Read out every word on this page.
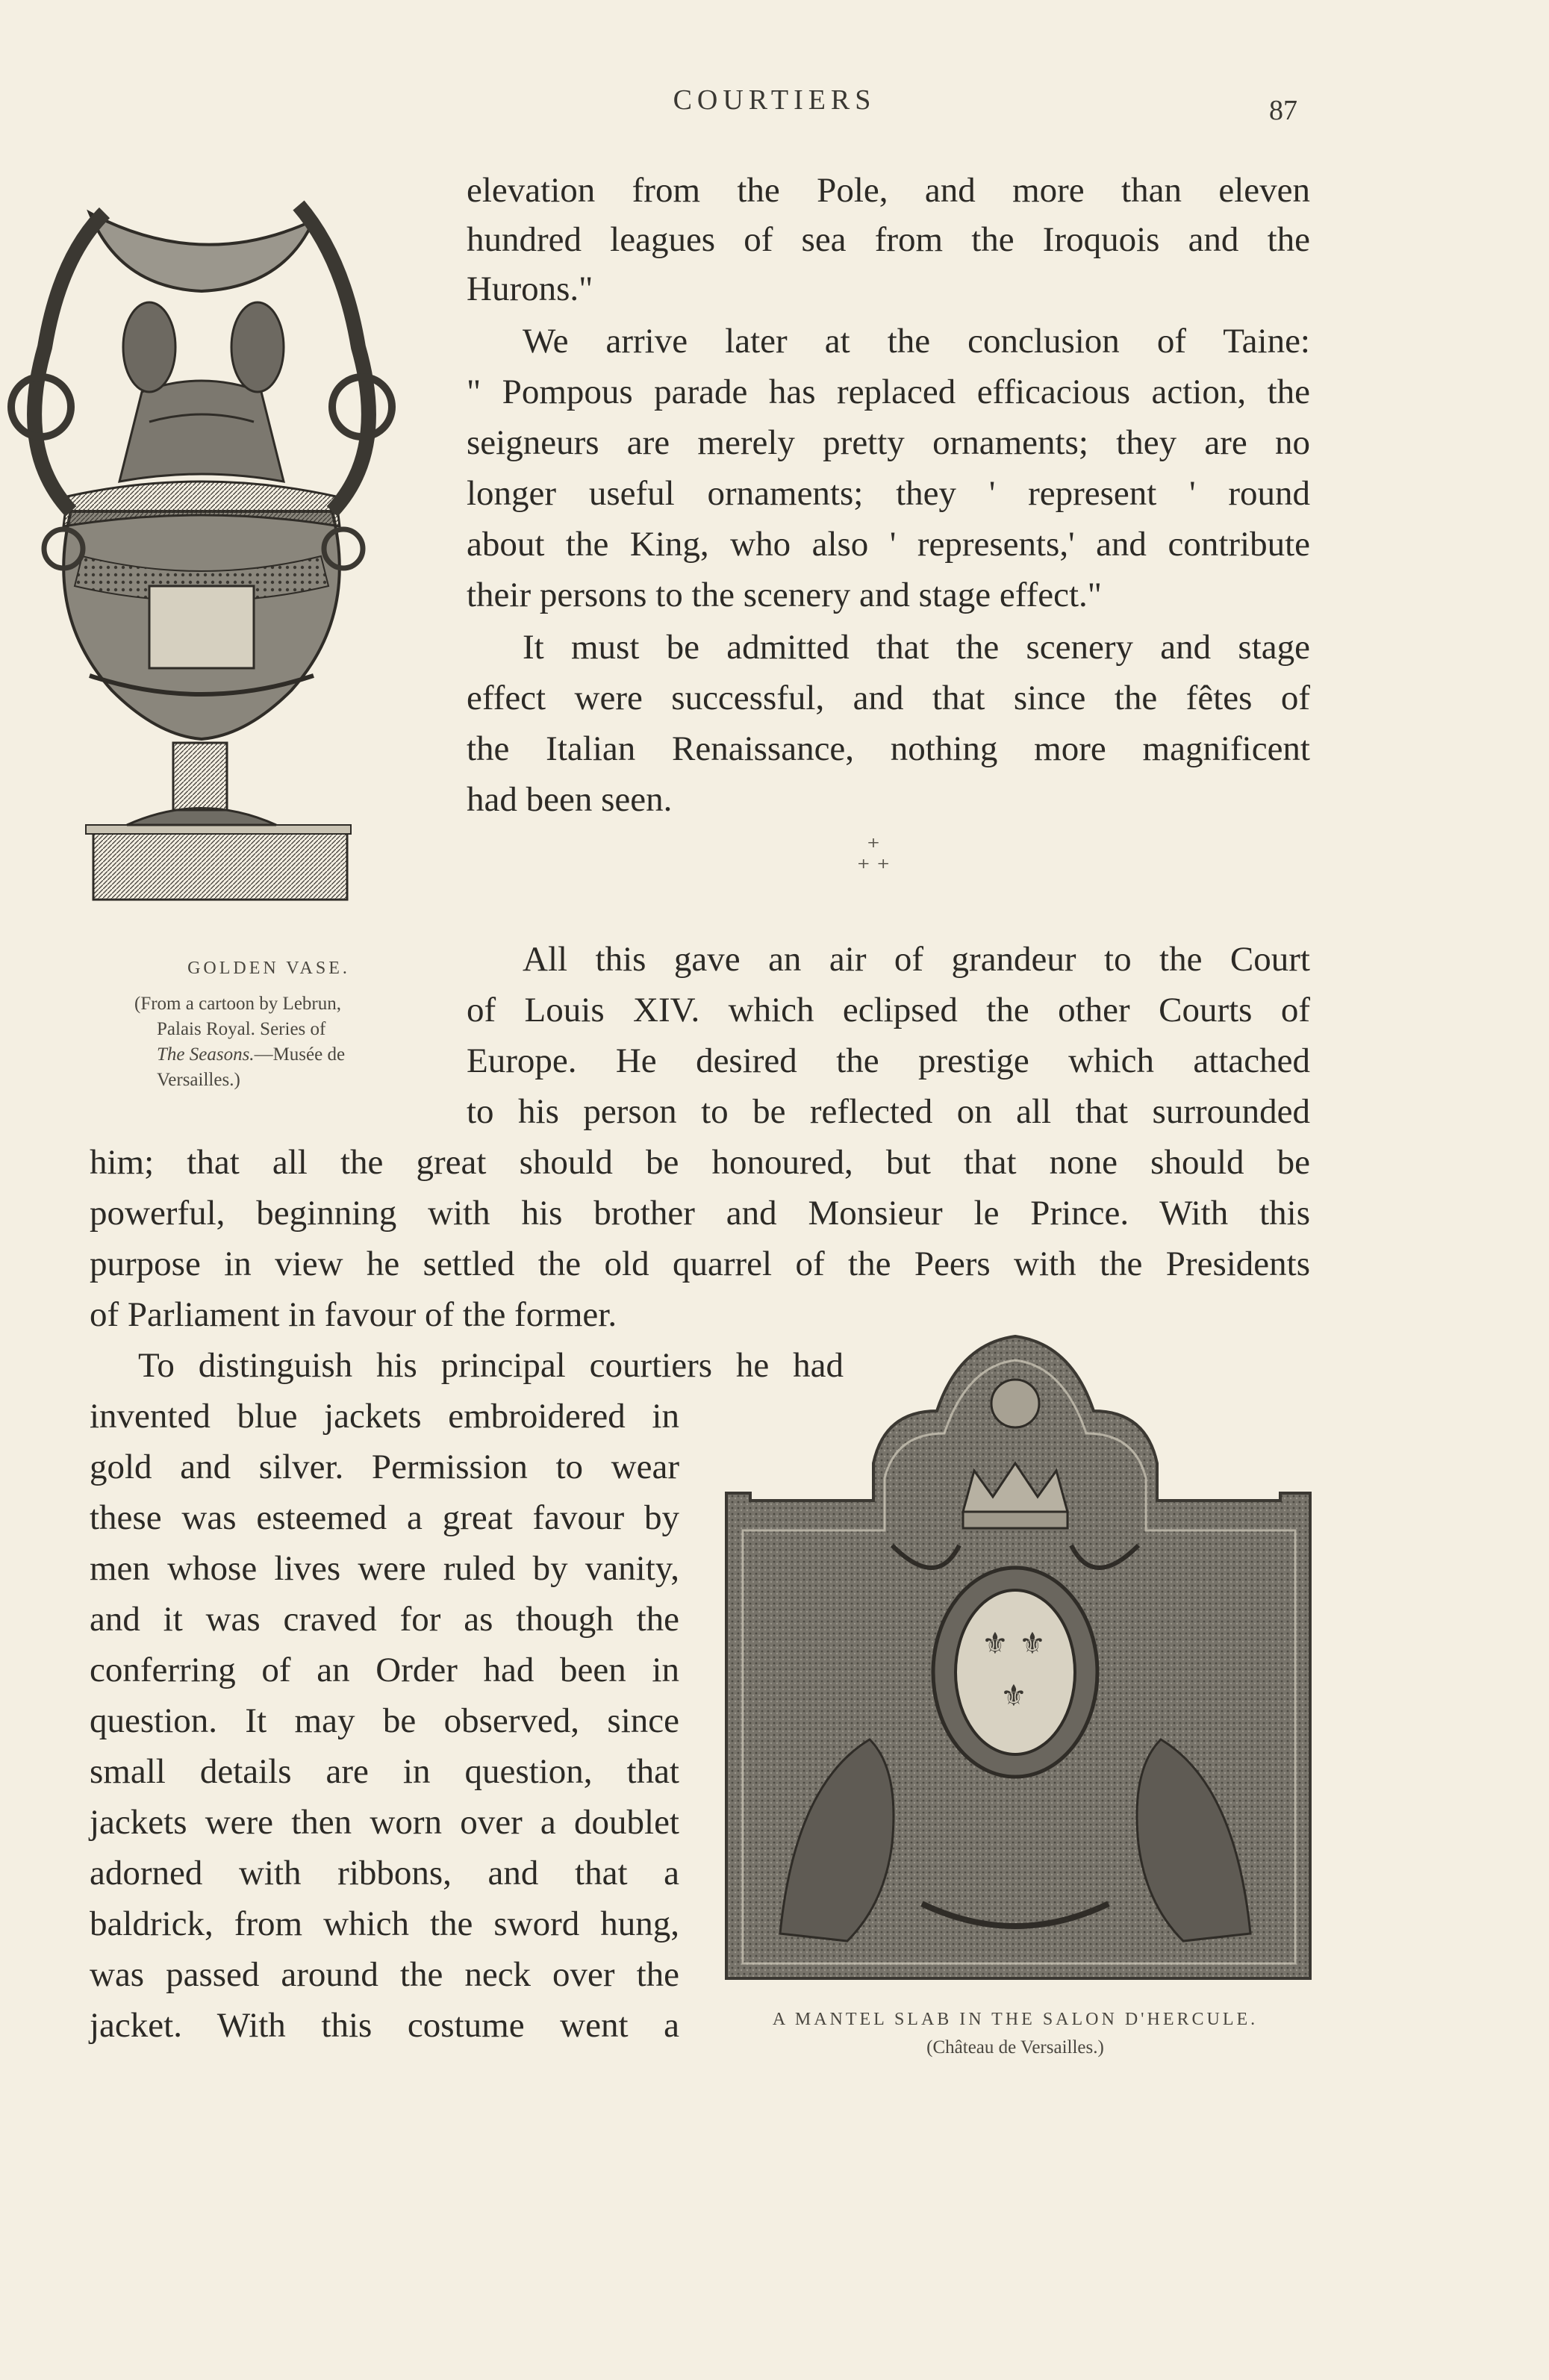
COURTIERS	87
GOLDEN VASE.
(From a cartoon by Lebrun,
Palais Royal. Series of
The Seasons.—Musée de
Versailles.)
elevation from the Pole, and more than eleven
hundred leagues of sea from the Iroquois and the
Hurons."
We arrive later at the conclusion of Taine:
" Pompous parade has replaced efficacious action, the
seigneurs are merely pretty ornaments; they are no
longer useful ornaments; they ' represent ' round
about the King, who also ' represents,' and contribute
their persons to the scenery and stage effect."
It must be admitted that the scenery and stage
effect were successful, and that since the fêtes of
the Italian Renaissance, nothing more magnificent
had been seen.
⁺
⁺ ⁺
All this gave an air of grandeur to the Court
of Louis XIV. which eclipsed the other Courts of
Europe. He desired the prestige which attached
to his person to be reflected on all that surrounded
him; that all the great should be honoured, but that none should be
powerful, beginning with his brother and Monsieur le Prince. With this
purpose in view he settled the old quarrel of the Peers with the Presidents
of Parliament in favour of the former.
To distinguish his principal courtiers he had
invented blue jackets embroidered in
gold and silver. Permission to wear
these was esteemed a great favour by
men whose lives were ruled by vanity,
and it was craved for as though the
conferring of an Order had been in
question. It may be observed, since
small details are in question, that
jackets were then worn over a doublet
adorned with ribbons, and that a
baldrick, from which the sword hung,
was passed around the neck over the
jacket. With this costume went a
⚜ ⚜
⚜
A MANTEL SLAB IN THE SALON D'HERCULE.
(Château de Versailles.)
